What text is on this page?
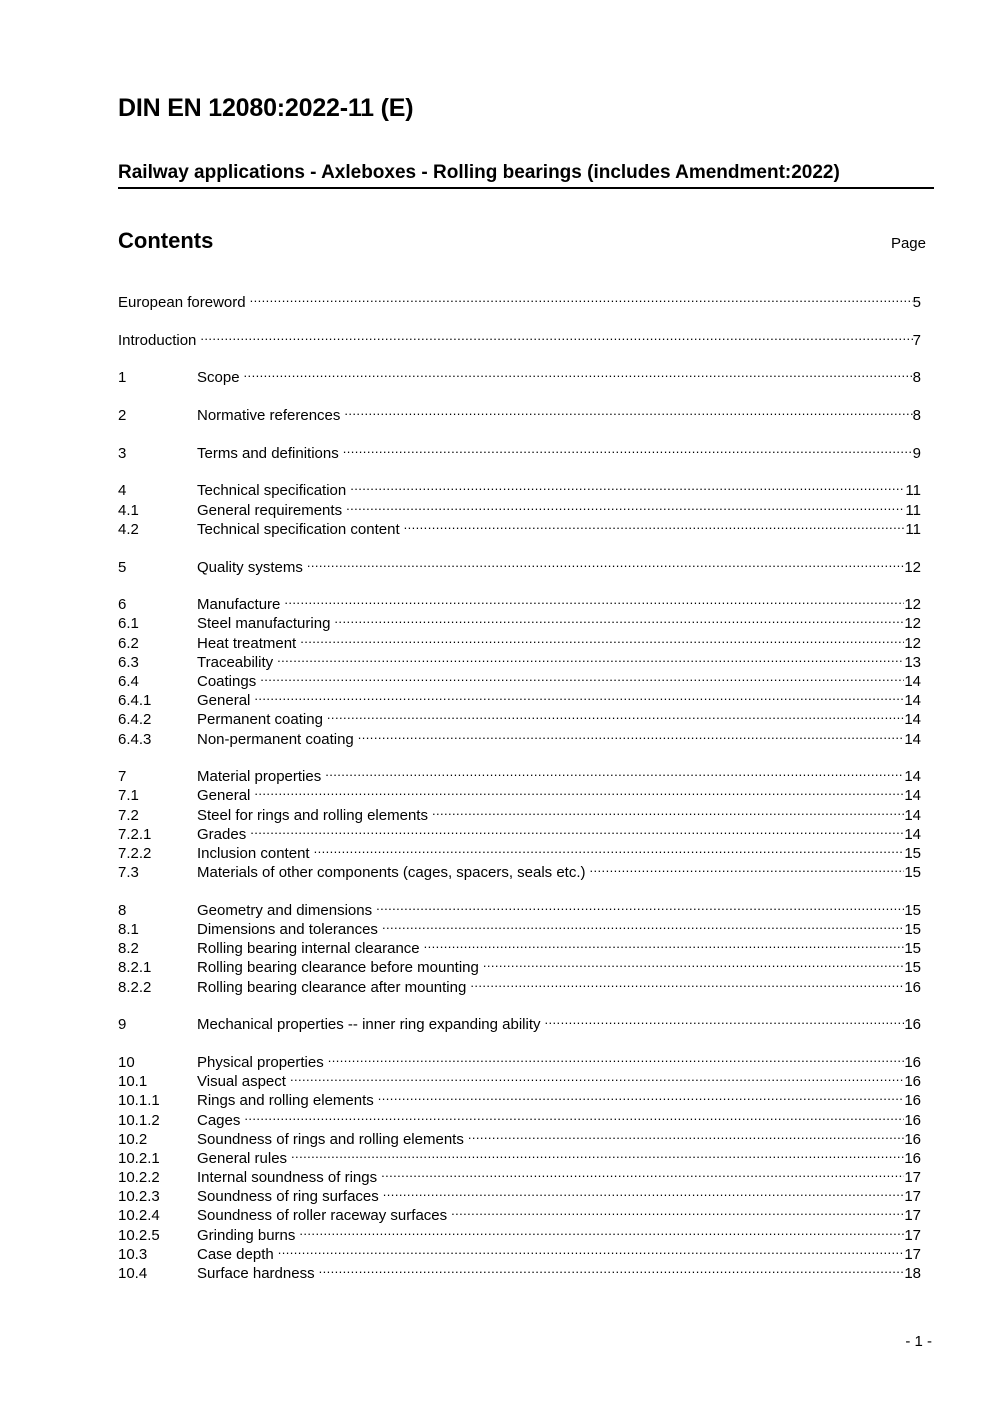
DIN EN 12080:2022-11 (E)
Railway applications - Axleboxes - Rolling bearings (includes Amendment:2022)
Contents	Page
European foreword .....	5
Introduction .....	7
1	Scope .....	8
2	Normative references .....	8
3	Terms and definitions .....	9
4	Technical specification .....	11
4.1	General requirements .....	11
4.2	Technical specification content .....	11
5	Quality systems .....	12
6	Manufacture .....	12
6.1	Steel manufacturing .....	12
6.2	Heat treatment .....	12
6.3	Traceability .....	13
6.4	Coatings .....	14
6.4.1	General .....	14
6.4.2	Permanent coating .....	14
6.4.3	Non-permanent coating .....	14
7	Material properties .....	14
7.1	General .....	14
7.2	Steel for rings and rolling elements .....	14
7.2.1	Grades .....	14
7.2.2	Inclusion content .....	15
7.3	Materials of other components (cages, spacers, seals etc.) .....	15
8	Geometry and dimensions .....	15
8.1	Dimensions and tolerances .....	15
8.2	Rolling bearing internal clearance .....	15
8.2.1	Rolling bearing clearance before mounting .....	15
8.2.2	Rolling bearing clearance after mounting .....	16
9	Mechanical properties -- inner ring expanding ability .....	16
10	Physical properties .....	16
10.1	Visual aspect .....	16
10.1.1	Rings and rolling elements .....	16
10.1.2	Cages .....	16
10.2	Soundness of rings and rolling elements .....	16
10.2.1	General rules .....	16
10.2.2	Internal soundness of rings .....	17
10.2.3	Soundness of ring surfaces .....	17
10.2.4	Soundness of roller raceway surfaces .....	17
10.2.5	Grinding burns .....	17
10.3	Case depth .....	17
10.4	Surface hardness .....	18
- 1 -
